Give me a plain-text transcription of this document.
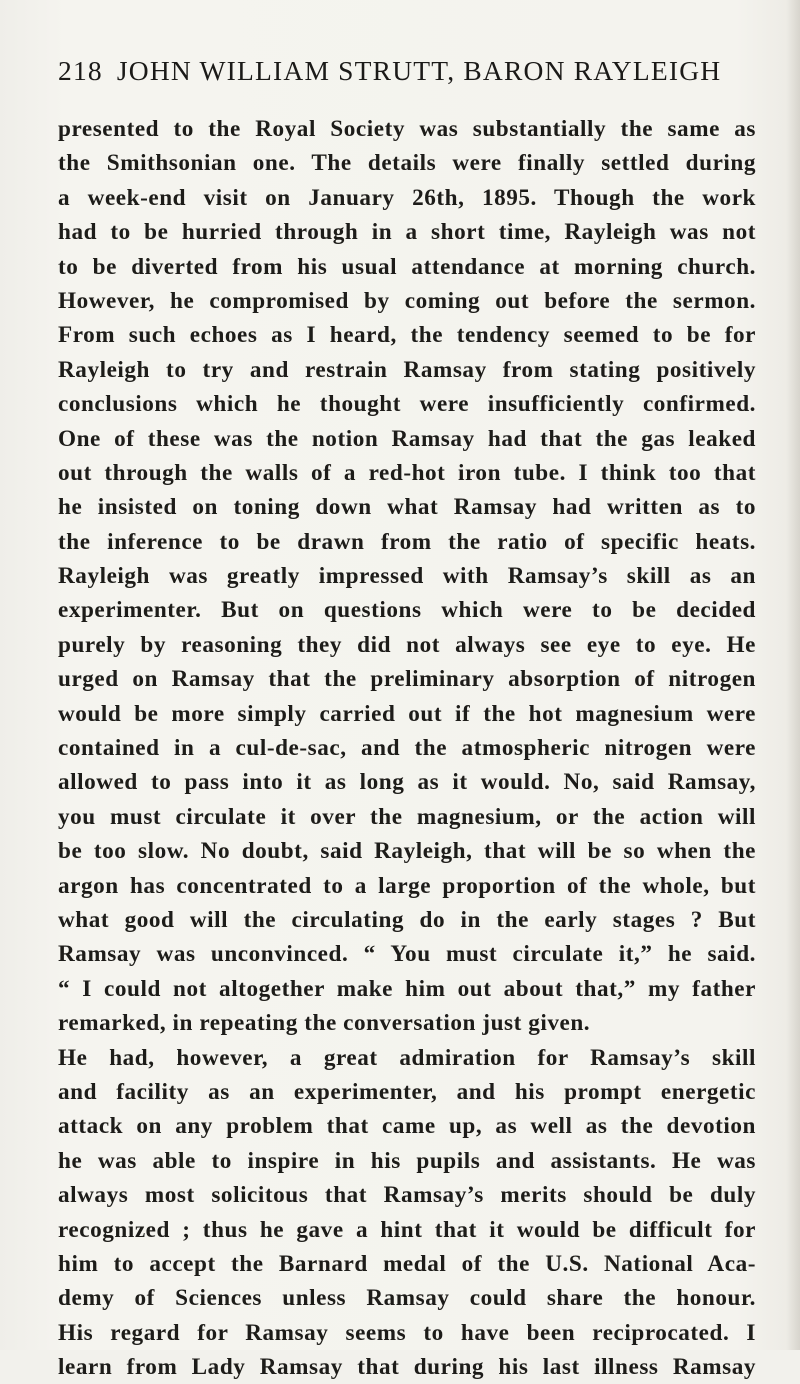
218 JOHN WILLIAM STRUTT, BARON RAYLEIGH
presented to the Royal Society was substantially the same as
the Smithsonian one. The details were finally settled during
a week-end visit on January 26th, 1895. Though the work
had to be hurried through in a short time, Rayleigh was not
to be diverted from his usual attendance at morning church.
However, he compromised by coming out before the sermon.
From such echoes as I heard, the tendency seemed to be for
Rayleigh to try and restrain Ramsay from stating positively
conclusions which he thought were insufficiently confirmed.
One of these was the notion Ramsay had that the gas leaked
out through the walls of a red-hot iron tube. I think too that
he insisted on toning down what Ramsay had written as to
the inference to be drawn from the ratio of specific heats.
Rayleigh was greatly impressed with Ramsay’s skill as an
experimenter. But on questions which were to be decided
purely by reasoning they did not always see eye to eye. He
urged on Ramsay that the preliminary absorption of nitrogen
would be more simply carried out if the hot magnesium were
contained in a cul-de-sac, and the atmospheric nitrogen were
allowed to pass into it as long as it would. No, said Ramsay,
you must circulate it over the magnesium, or the action will
be too slow. No doubt, said Rayleigh, that will be so when the
argon has concentrated to a large proportion of the whole, but
what good will the circulating do in the early stages ? But
Ramsay was unconvinced. “ You must circulate it,” he said.
“ I could not altogether make him out about that,” my father
remarked, in repeating the conversation just given.
He had, however, a great admiration for Ramsay’s skill
and facility as an experimenter, and his prompt energetic
attack on any problem that came up, as well as the devotion
he was able to inspire in his pupils and assistants. He was
always most solicitous that Ramsay’s merits should be duly
recognized ; thus he gave a hint that it would be difficult for
him to accept the Barnard medal of the U.S. National Aca-
demy of Sciences unless Ramsay could share the honour.
His regard for Ramsay seems to have been reciprocated. I
learn from Lady Ramsay that during his last illness Ramsay
